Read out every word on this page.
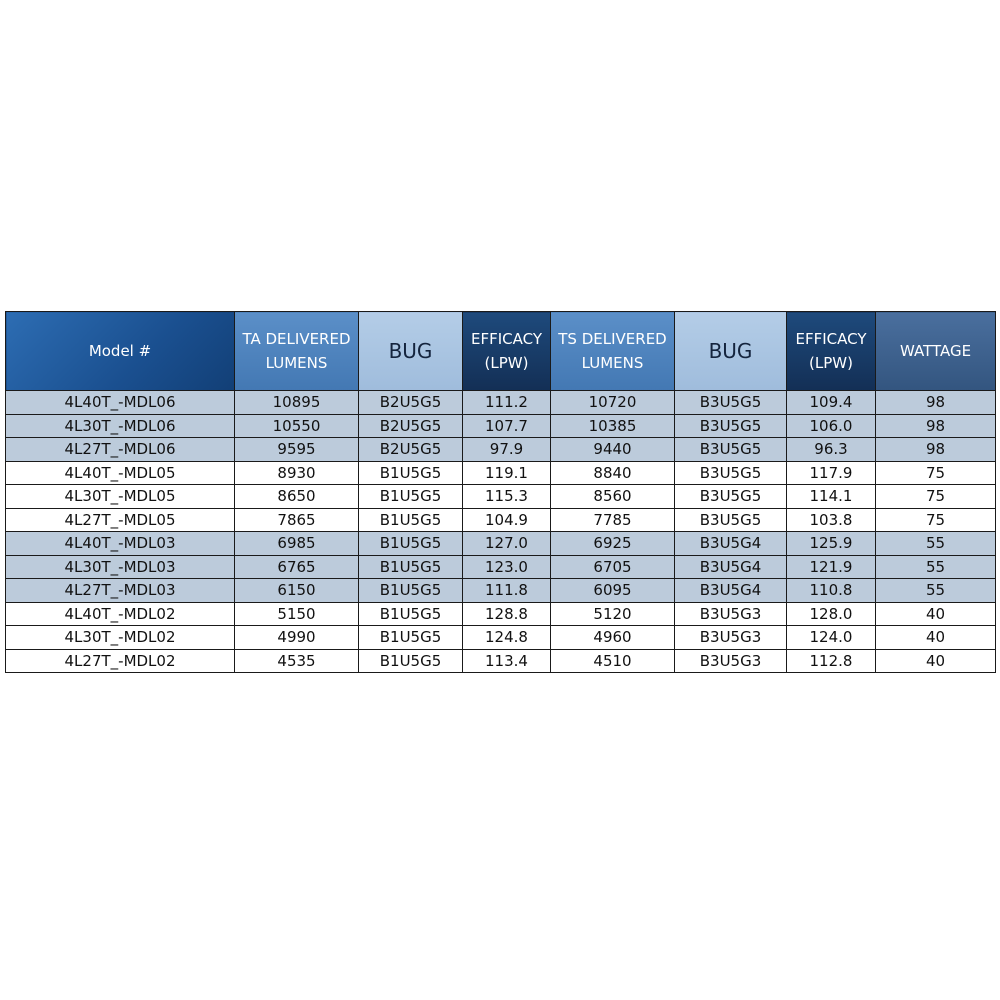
Model #	TA DELIVERED LUMENS	BUG	EFFICACY (LPW)	TS DELIVERED LUMENS	BUG	EFFICACY (LPW)	WATTAGE
4L40T_-MDL06	10895	B2U5G5	111.2	10720	B3U5G5	109.4	98
4L30T_-MDL06	10550	B2U5G5	107.7	10385	B3U5G5	106.0	98
4L27T_-MDL06	9595	B2U5G5	97.9	9440	B3U5G5	96.3	98
4L40T_-MDL05	8930	B1U5G5	119.1	8840	B3U5G5	117.9	75
4L30T_-MDL05	8650	B1U5G5	115.3	8560	B3U5G5	114.1	75
4L27T_-MDL05	7865	B1U5G5	104.9	7785	B3U5G5	103.8	75
4L40T_-MDL03	6985	B1U5G5	127.0	6925	B3U5G4	125.9	55
4L30T_-MDL03	6765	B1U5G5	123.0	6705	B3U5G4	121.9	55
4L27T_-MDL03	6150	B1U5G5	111.8	6095	B3U5G4	110.8	55
4L40T_-MDL02	5150	B1U5G5	128.8	5120	B3U5G3	128.0	40
4L30T_-MDL02	4990	B1U5G5	124.8	4960	B3U5G3	124.0	40
4L27T_-MDL02	4535	B1U5G5	113.4	4510	B3U5G3	112.8	40
